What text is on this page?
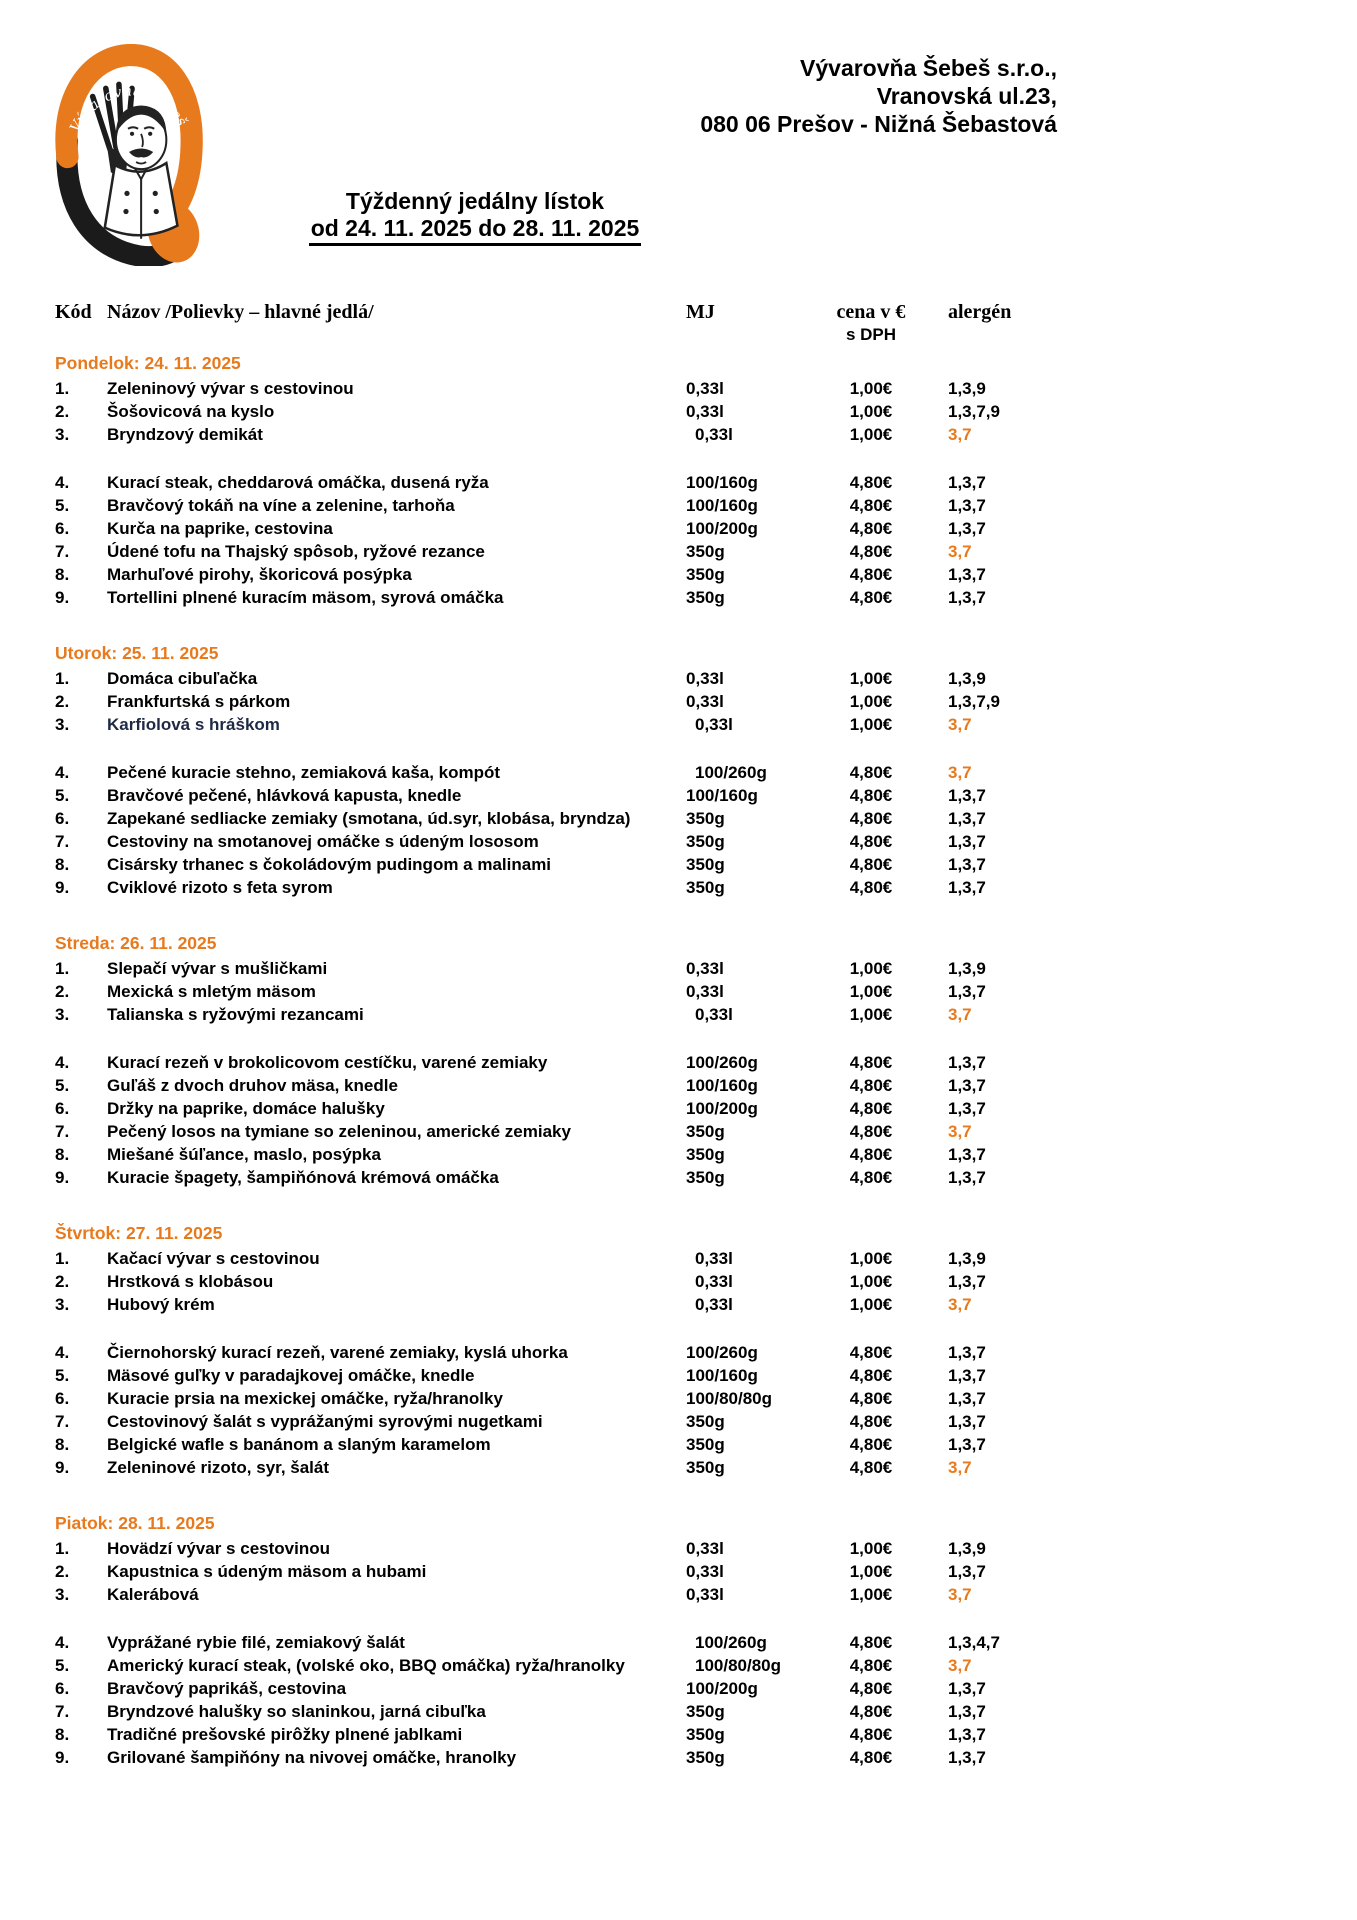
Vývarovňa Šebeš
Vývarovňa Šebeš s.r.o.,
Vranovská ul.23,
080 06 Prešov - Nižná Šebastová
Týždenný jedálny lístok
od 24. 11. 2025 do 28. 11. 2025
Kód Názov /Polievky – hlavné jedlá/	MJ	cena v €
s DPH
alergén
Pondelok: 24. 11. 2025
1.	Zeleninový vývar s cestovinou	0,33l	1,00€	1,3,9
2.	Šošovicová na kyslo	0,33l	1,00€	1,3,7,9
3.	Bryndzový demikát	0,33l	1,00€	3,7
4.	Kurací steak, cheddarová omáčka, dusená ryža	100/160g	4,80€	1,3,7
5.	Bravčový tokáň na víne a zelenine, tarhoňa	100/160g	4,80€	1,3,7
6.	Kurča na paprike, cestovina	100/200g	4,80€	1,3,7
7.	Údené tofu na Thajský spôsob, ryžové rezance	350g	4,80€	3,7
8.	Marhuľové pirohy, škoricová posýpka	350g	4,80€	1,3,7
9.	Tortellini plnené kuracím mäsom, syrová omáčka	350g	4,80€	1,3,7
Utorok: 25. 11. 2025
1.	Domáca cibuľačka	0,33l	1,00€	1,3,9
2.	Frankfurtská s párkom	0,33l	1,00€	1,3,7,9
3.	Karfiolová s hráškom	0,33l	1,00€	3,7
4.	Pečené kuracie stehno, zemiaková kaša, kompót	100/260g	4,80€	3,7
5.	Bravčové pečené, hlávková kapusta, knedle	100/160g	4,80€	1,3,7
6.	Zapekané sedliacke zemiaky (smotana, úd.syr, klobása, bryndza)	350g	4,80€	1,3,7
7.	Cestoviny na smotanovej omáčke s údeným lososom	350g	4,80€	1,3,7
8.	Cisársky trhanec s čokoládovým pudingom a malinami	350g	4,80€	1,3,7
9.	Cviklové rizoto s feta syrom	350g	4,80€	1,3,7
Streda: 26. 11. 2025
1.	Slepačí vývar s mušličkami	0,33l	1,00€	1,3,9
2.	Mexická s mletým mäsom	0,33l	1,00€	1,3,7
3.	Talianska s ryžovými rezancami	0,33l	1,00€	3,7
4.	Kurací rezeň v brokolicovom cestíčku, varené zemiaky	100/260g	4,80€	1,3,7
5.	Guľáš z dvoch druhov mäsa, knedle	100/160g	4,80€	1,3,7
6.	Držky na paprike, domáce halušky	100/200g	4,80€	1,3,7
7.	Pečený losos na tymiane so zeleninou, americké zemiaky	350g	4,80€	3,7
8.	Miešané šúľance, maslo, posýpka	350g	4,80€	1,3,7
9.	Kuracie špagety, šampiňónová krémová omáčka	350g	4,80€	1,3,7
Štvrtok: 27. 11. 2025
1.	Kačací vývar s cestovinou	0,33l	1,00€	1,3,9
2.	Hrstková s klobásou	0,33l	1,00€	1,3,7
3.	Hubový krém	0,33l	1,00€	3,7
4.	Čiernohorský kurací rezeň, varené zemiaky, kyslá uhorka	100/260g	4,80€	1,3,7
5.	Mäsové guľky v paradajkovej omáčke, knedle	100/160g	4,80€	1,3,7
6.	Kuracie prsia na mexickej omáčke, ryža/hranolky	100/80/80g	4,80€	1,3,7
7.	Cestovinový šalát s vyprážanými syrovými nugetkami	350g	4,80€	1,3,7
8.	Belgické wafle s banánom a slaným karamelom	350g	4,80€	1,3,7
9.	Zeleninové rizoto, syr, šalát	350g	4,80€	3,7
Piatok: 28. 11. 2025
1.	Hovädzí vývar s cestovinou	0,33l	1,00€	1,3,9
2.	Kapustnica s údeným mäsom a hubami	0,33l	1,00€	1,3,7
3.	Kalerábová	0,33l	1,00€	3,7
4.	Vyprážané rybie filé, zemiakový šalát	100/260g	4,80€	1,3,4,7
5.	Americký kurací steak, (volské oko, BBQ omáčka) ryža/hranolky	100/80/80g	4,80€	3,7
6.	Bravčový paprikáš, cestovina	100/200g	4,80€	1,3,7
7.	Bryndzové halušky so slaninkou, jarná cibuľka	350g	4,80€	1,3,7
8.	Tradičné prešovské pirôžky plnené jablkami	350g	4,80€	1,3,7
9.	Grilované šampiňóny na nivovej omáčke, hranolky	350g	4,80€	1,3,7
